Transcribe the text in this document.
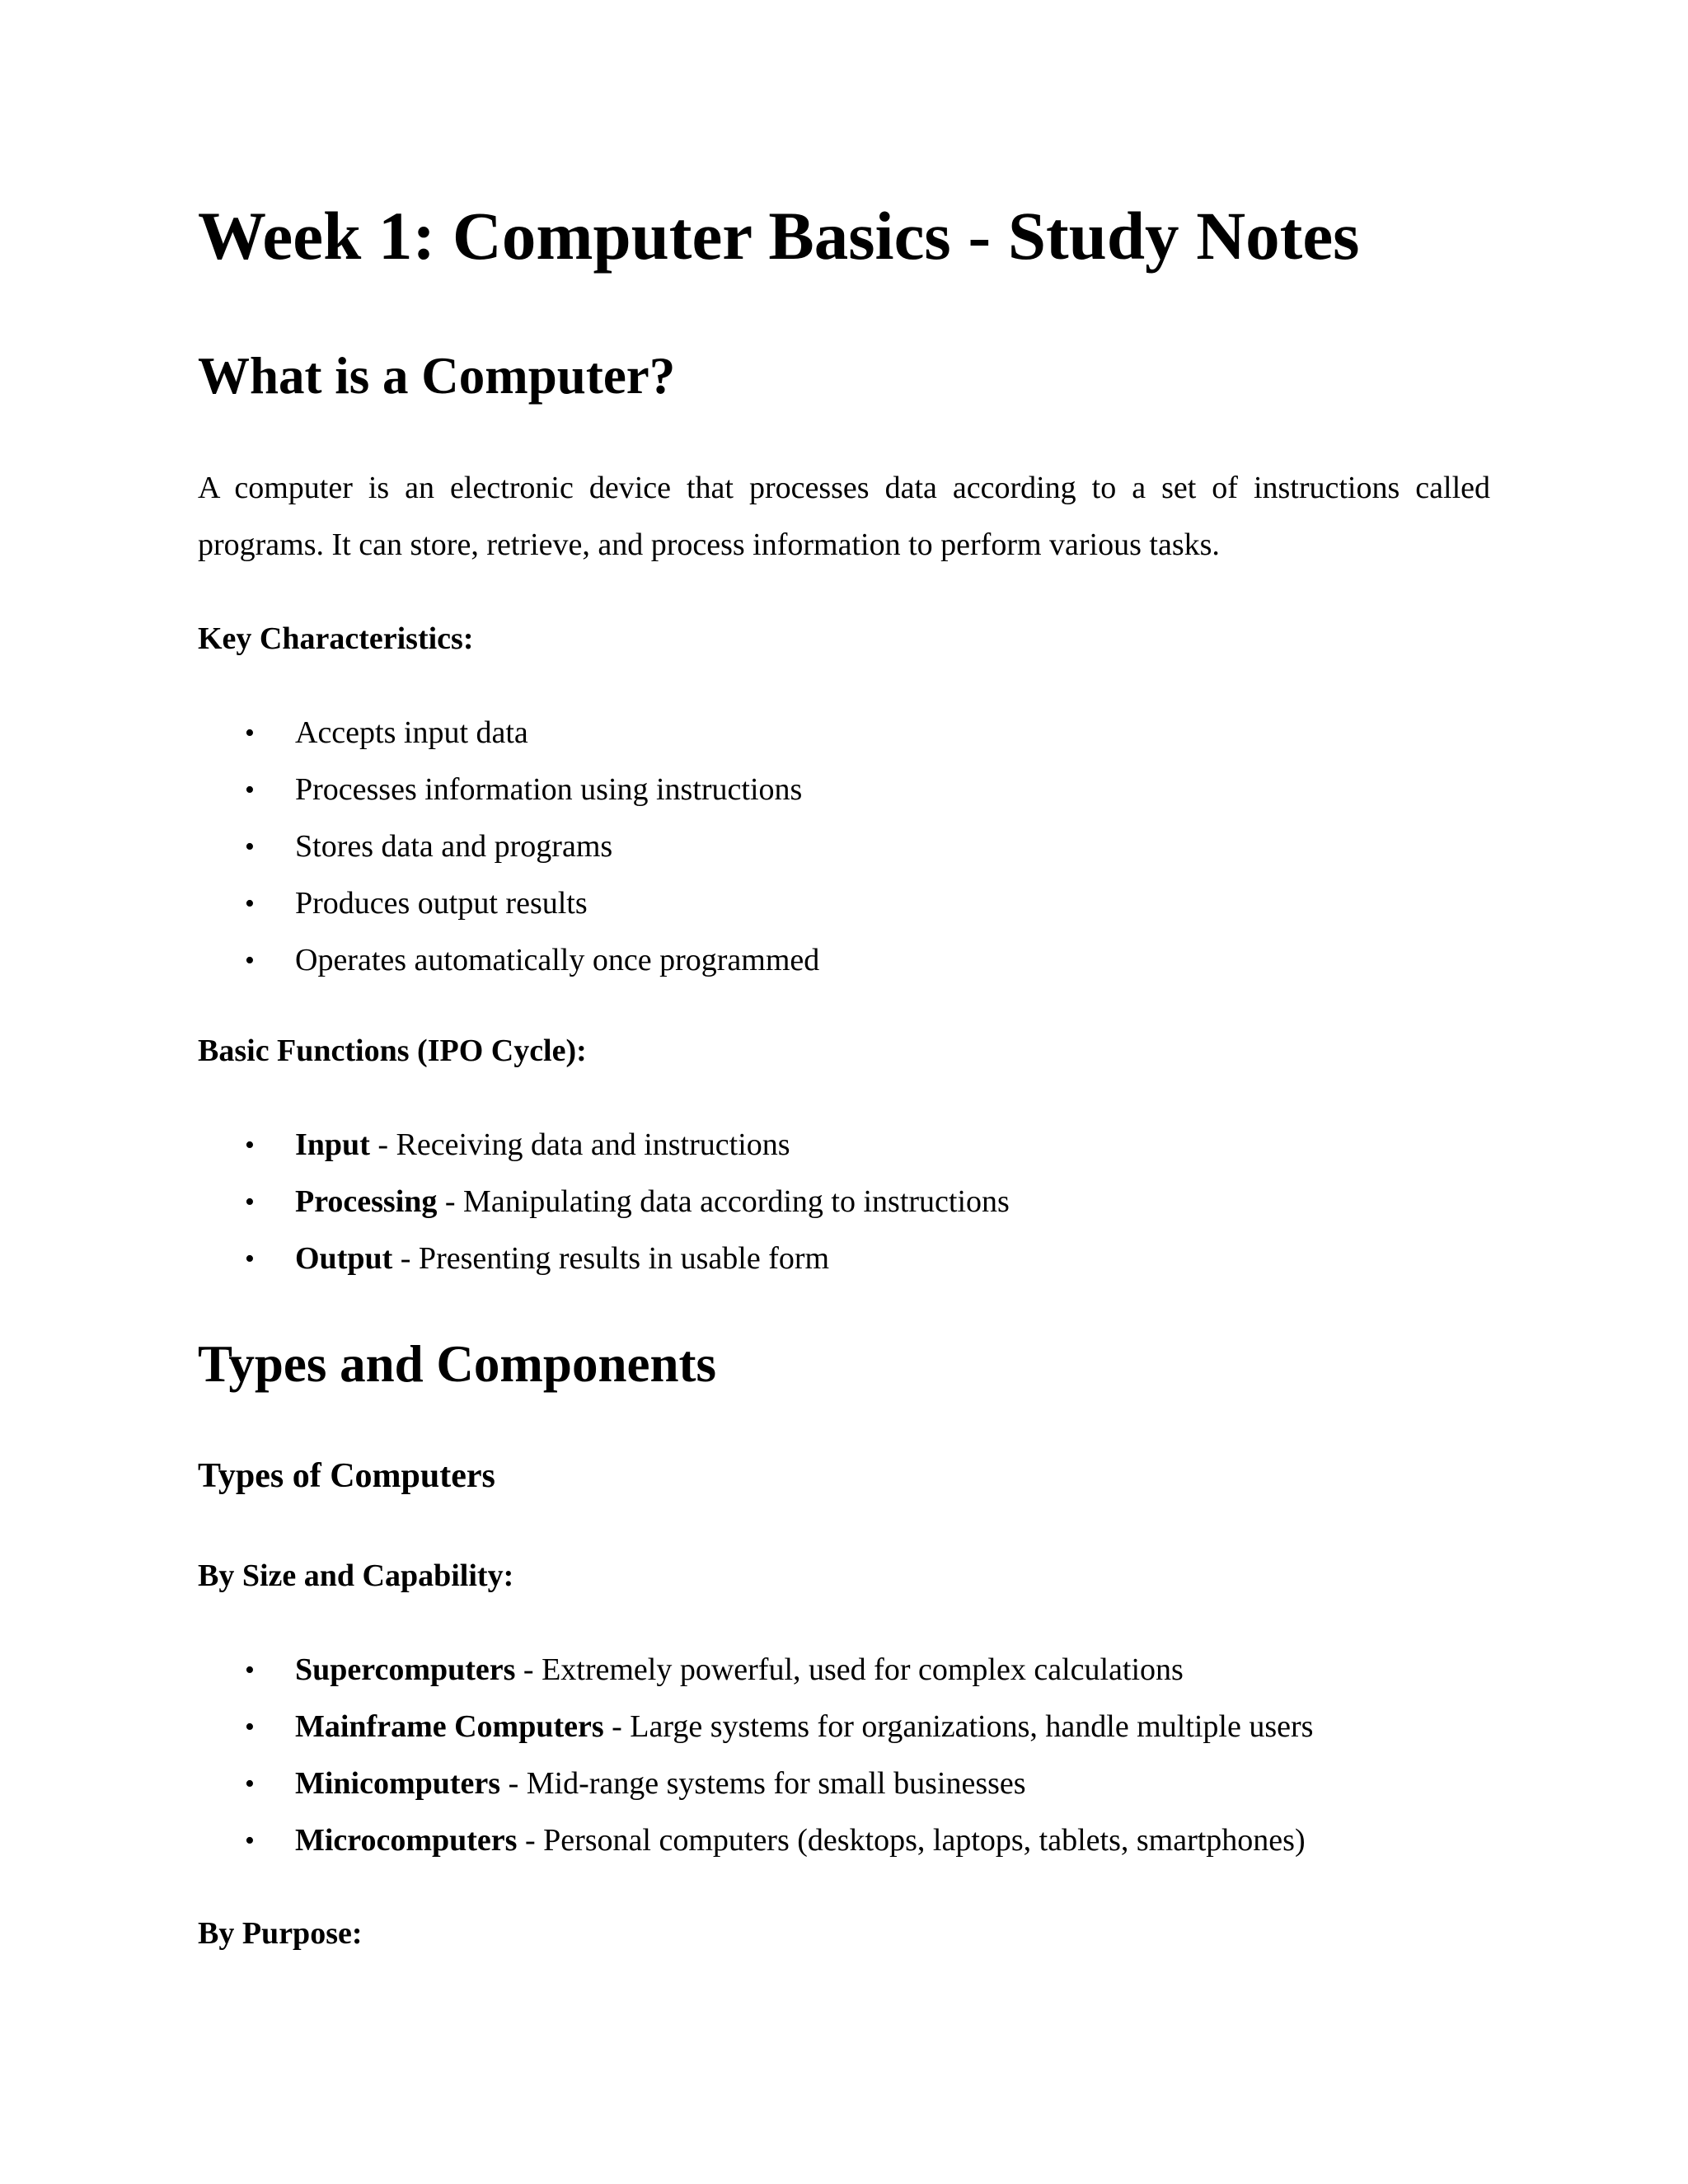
Week 1: Computer Basics - Study Notes
What is a Computer?

A computer is an electronic device that processes data according to a set of instructions called
programs. It can store, retrieve, and process information to perform various tasks.

Key Characteristics:

• Accepts input data
• Processes information using instructions
• Stores data and programs
• Produces output results
• Operates automatically once programmed

Basic Functions (IPO Cycle):

• Input - Receiving data and instructions
• Processing - Manipulating data according to instructions
• Output - Presenting results in usable form
Types and Components
Types of Computers

By Size and Capability:

• Supercomputers - Extremely powerful, used for complex calculations
• Mainframe Computers - Large systems for organizations, handle multiple users
• Minicomputers - Mid-range systems for small businesses
• Microcomputers - Personal computers (desktops, laptops, tablets, smartphones)

By Purpose:
